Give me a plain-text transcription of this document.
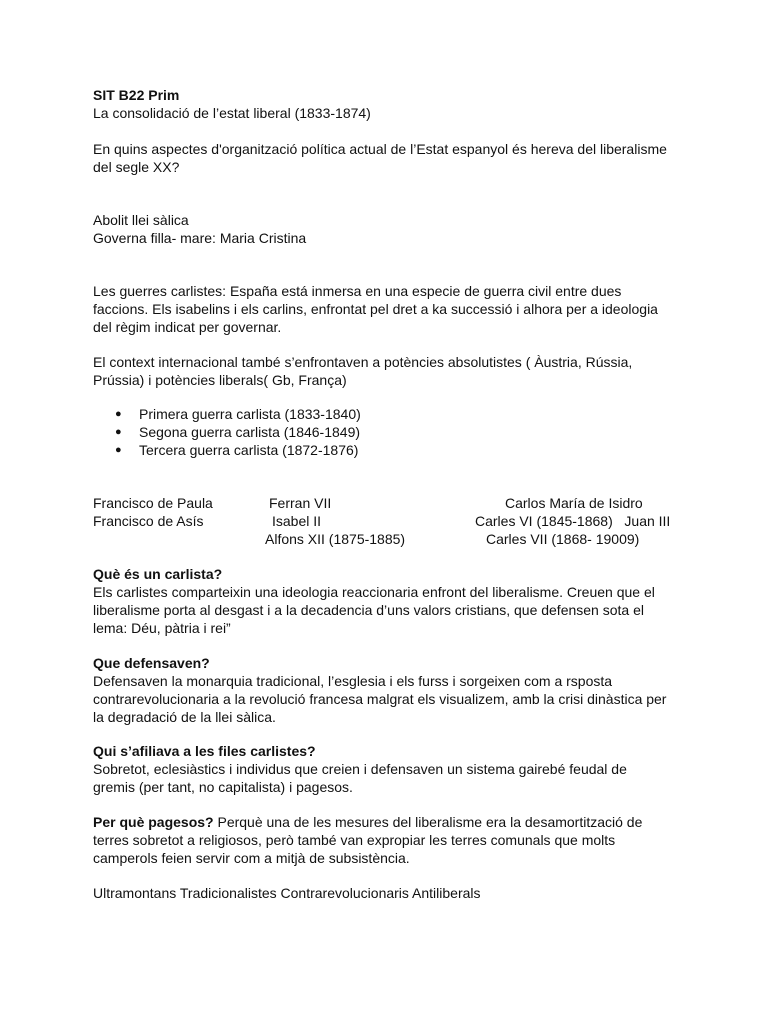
SIT B22 Prim
La consolidació de l’estat liberal (1833-1874)
En quins aspectes d'organització política actual de l’Estat espanyol és hereva del liberalisme
del segle XX?
Abolit llei sàlica
Governa filla- mare: Maria Cristina
Les guerres carlistes: España está inmersa en una especie de guerra civil entre dues
faccions. Els isabelins i els carlins, enfrontat pel dret a ka successió i alhora per a ideologia
del règim indicat per governar.
El context internacional també s’enfrontaven a potències absolutistes ( Àustria, Rússia,
Prússia) i potències liberals( Gb, França)
● Primera guerra carlista (1833-1840)
● Segona guerra carlista (1846-1849)
● Tercera guerra carlista (1872-1876)
Francisco de Paula
Francisco de Asís
Ferran VII
Isabel II
Alfons XII (1875-1885)
Carlos María de Isidro
Carles VI (1845-1868)   Juan III
Carles VII (1868- 19009)
Què és un carlista?
Els carlistes comparteixin una ideologia reaccionaria enfront del liberalisme. Creuen que el
liberalisme porta al desgast i a la decadencia d’uns valors cristians, que defensen sota el
lema: Déu, pàtria i rei”
Que defensaven?
Defensaven la monarquia tradicional, l’esglesia i els furss i sorgeixen com a rsposta
contrarevolucionaria a la revolució francesa malgrat els visualizem, amb la crisi dinàstica per
la degradació de la llei sàlica.
Qui s’afiliava a les files carlistes?
Sobretot, eclesiàstics i individus que creien i defensaven un sistema gairebé feudal de
gremis (per tant, no capitalista) i pagesos.
Per què pagesos? Perquè una de les mesures del liberalisme era la desamortització de
terres sobretot a religiosos, però també van expropiar les terres comunals que molts
camperols feien servir com a mitjà de subsistència.
Ultramontans Tradicionalistes Contrarevolucionaris Antiliberals
